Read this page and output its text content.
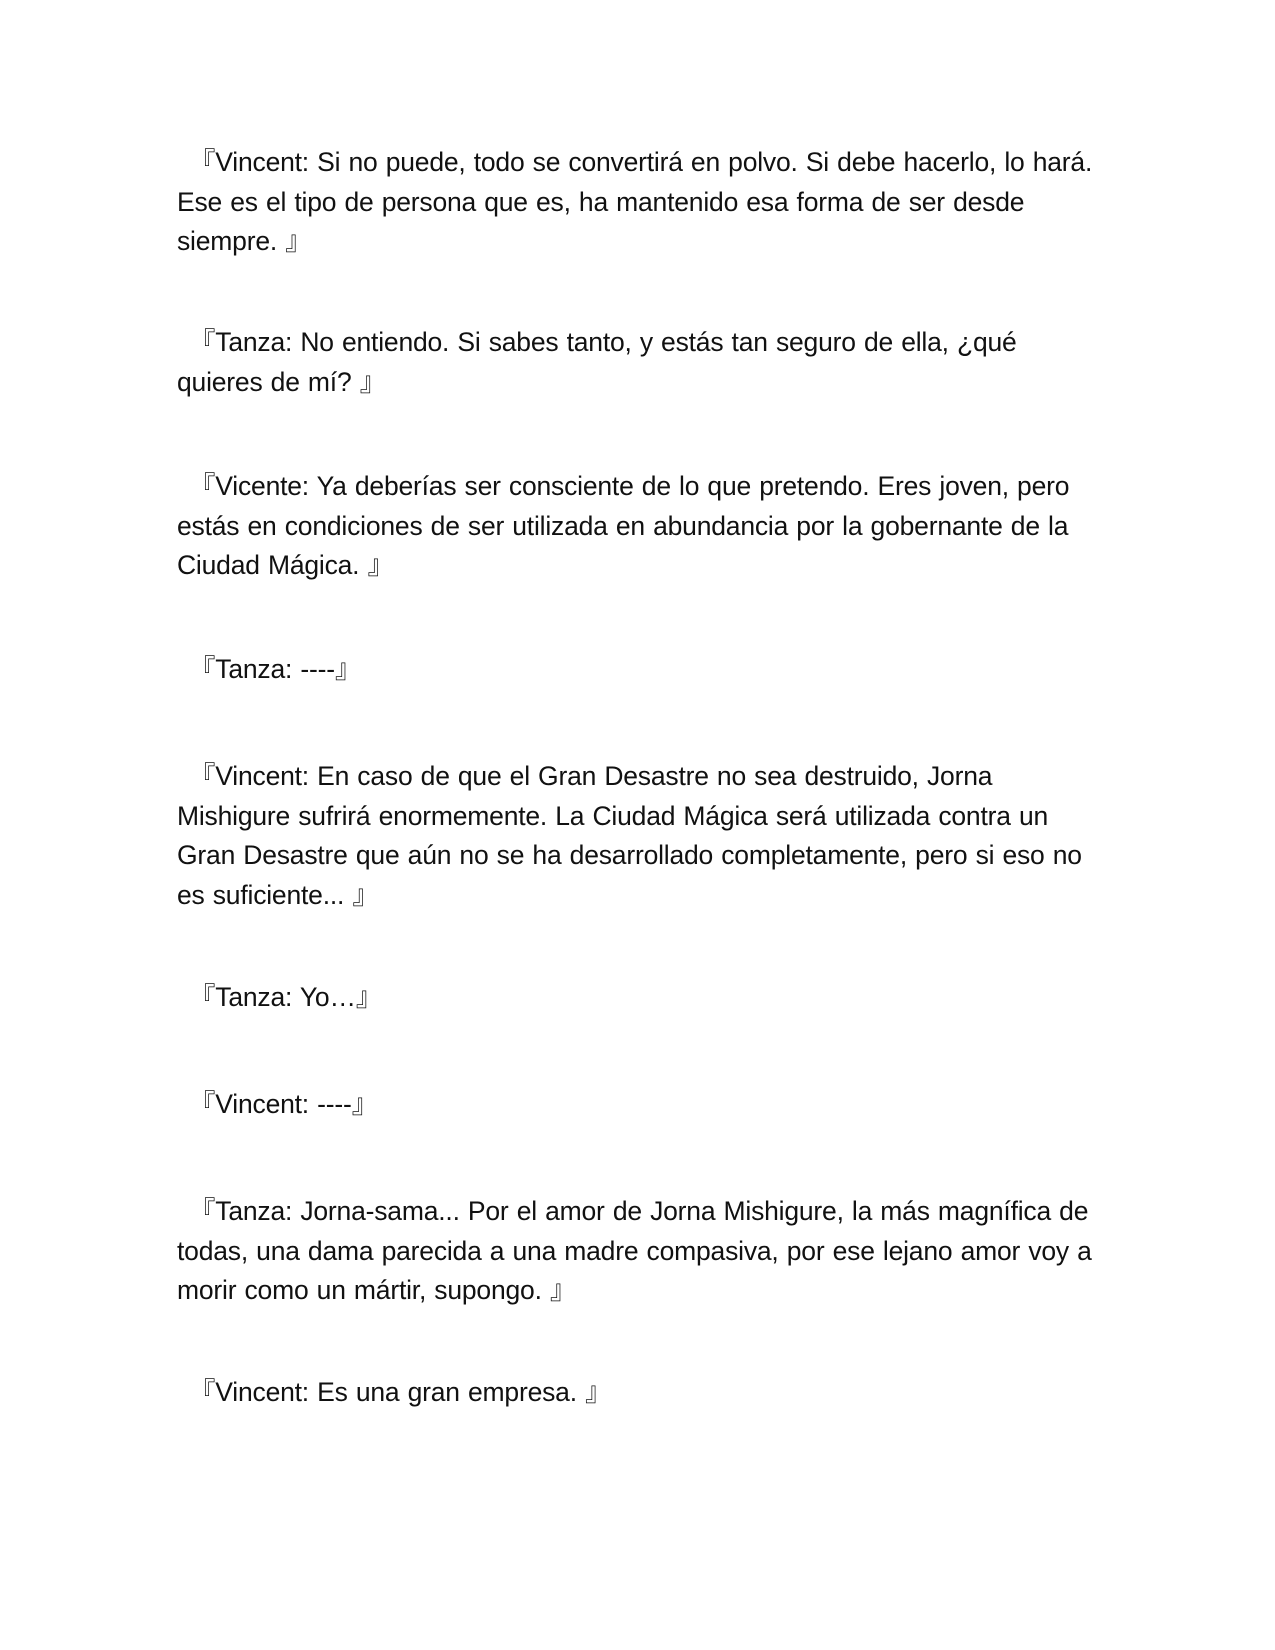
『Vincent: Si no puede, todo se convertirá en polvo. Si debe hacerlo, lo hará. Ese es el tipo de persona que es, ha mantenido esa forma de ser desde siempre. 』

『Tanza: No entiendo. Si sabes tanto, y estás tan seguro de ella, ¿qué quieres de mí? 』

『Vicente: Ya deberías ser consciente de lo que pretendo. Eres joven, pero estás en condiciones de ser utilizada en abundancia por la gobernante de la Ciudad Mágica. 』

『Tanza: ----』

『Vincent: En caso de que el Gran Desastre no sea destruido, Jorna Mishigure sufrirá enormemente. La Ciudad Mágica será utilizada contra un Gran Desastre que aún no se ha desarrollado completamente, pero si eso no es suficiente... 』

『Tanza: Yo…』

『Vincent: ----』

『Tanza: Jorna-sama... Por el amor de Jorna Mishigure, la más magnífica de todas, una dama parecida a una madre compasiva, por ese lejano amor voy a morir como un mártir, supongo. 』

『Vincent: Es una gran empresa. 』
